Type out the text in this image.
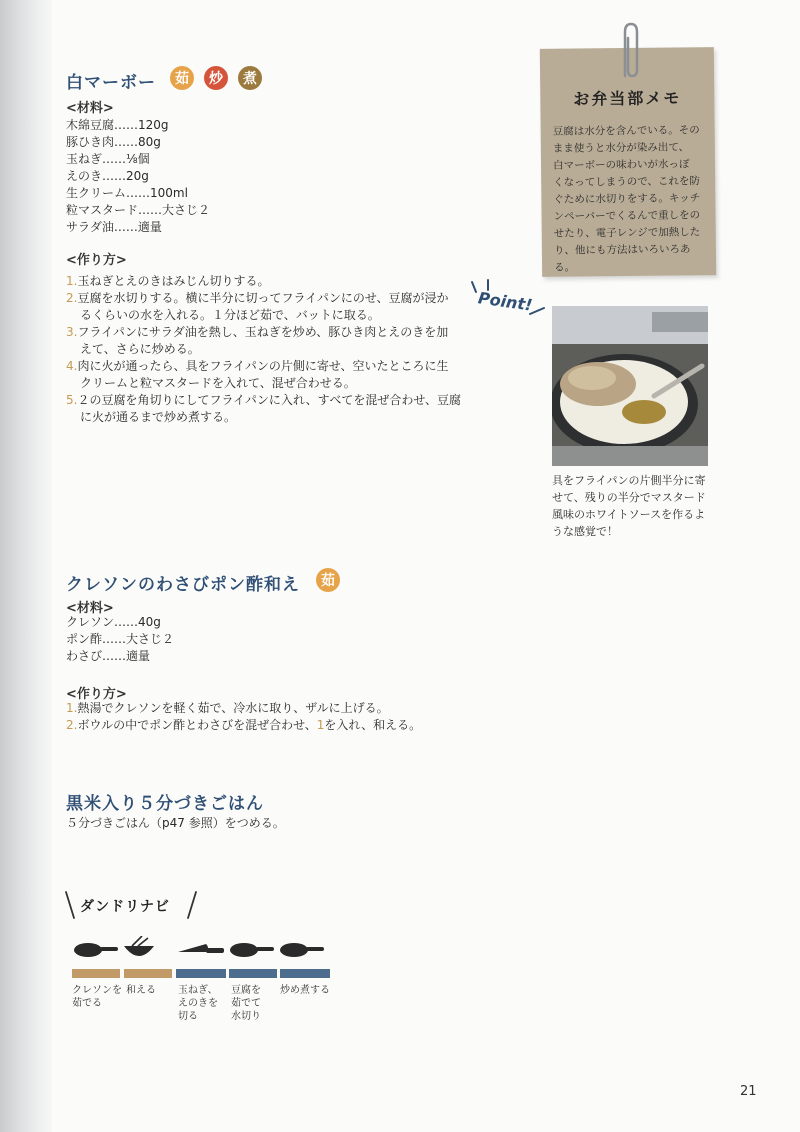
白マーボー	茹	炒	煮
<材料>
木綿豆腐……120g
豚ひき肉……80g
玉ねぎ……⅛個
えのき……20g
生クリーム……100ml
粒マスタード……大さじ２
サラダ油……適量
<作り方>
1.玉ねぎとえのきはみじん切りする。
2.豆腐を水切りする。横に半分に切ってフライパンにのせ、豆腐が浸か
るくらいの水を入れる。１分ほど茹で、バットに取る。
3.フライパンにサラダ油を熱し、玉ねぎを炒め、豚ひき肉とえのきを加
えて、さらに炒める。
4.肉に火が通ったら、具をフライパンの片側に寄せ、空いたところに生
クリームと粒マスタードを入れて、混ぜ合わせる。
5.２の豆腐を角切りにしてフライパンに入れ、すべてを混ぜ合わせ、豆腐
に火が通るまで炒め煮する。
お弁当部メモ
豆腐は水分を含んでいる。その
まま使うと水分が染み出て、
白マーボーの味わいが水っぽ
くなってしまうので、これを防
ぐために水切りをする。キッチ
ンペーパーでくるんで重しをの
せたり、電子レンジで加熱した
り、他にも方法はいろいろある。
Point!
具をフライパンの片側半分に寄
せて、残りの半分でマスタード
風味のホワイトソースを作るよ
うな感覚で！
クレソンのわさびポン酢和え	茹
<材料>
クレソン……40g
ポン酢……大さじ２
わさび……適量
<作り方>
1.熱湯でクレソンを軽く茹で、冷水に取り、ザルに上げる。
2.ボウルの中でポン酢とわさびを混ぜ合わせ、1を入れ、和える。
黒米入り５分づきごはん
５分づきごはん（p47 参照）をつめる。
ダンドリナビ
クレソンを
茹でる
和える 玉ねぎ、
えのきを
切る
豆腐を
茹でて
水切り
炒め煮する
21
